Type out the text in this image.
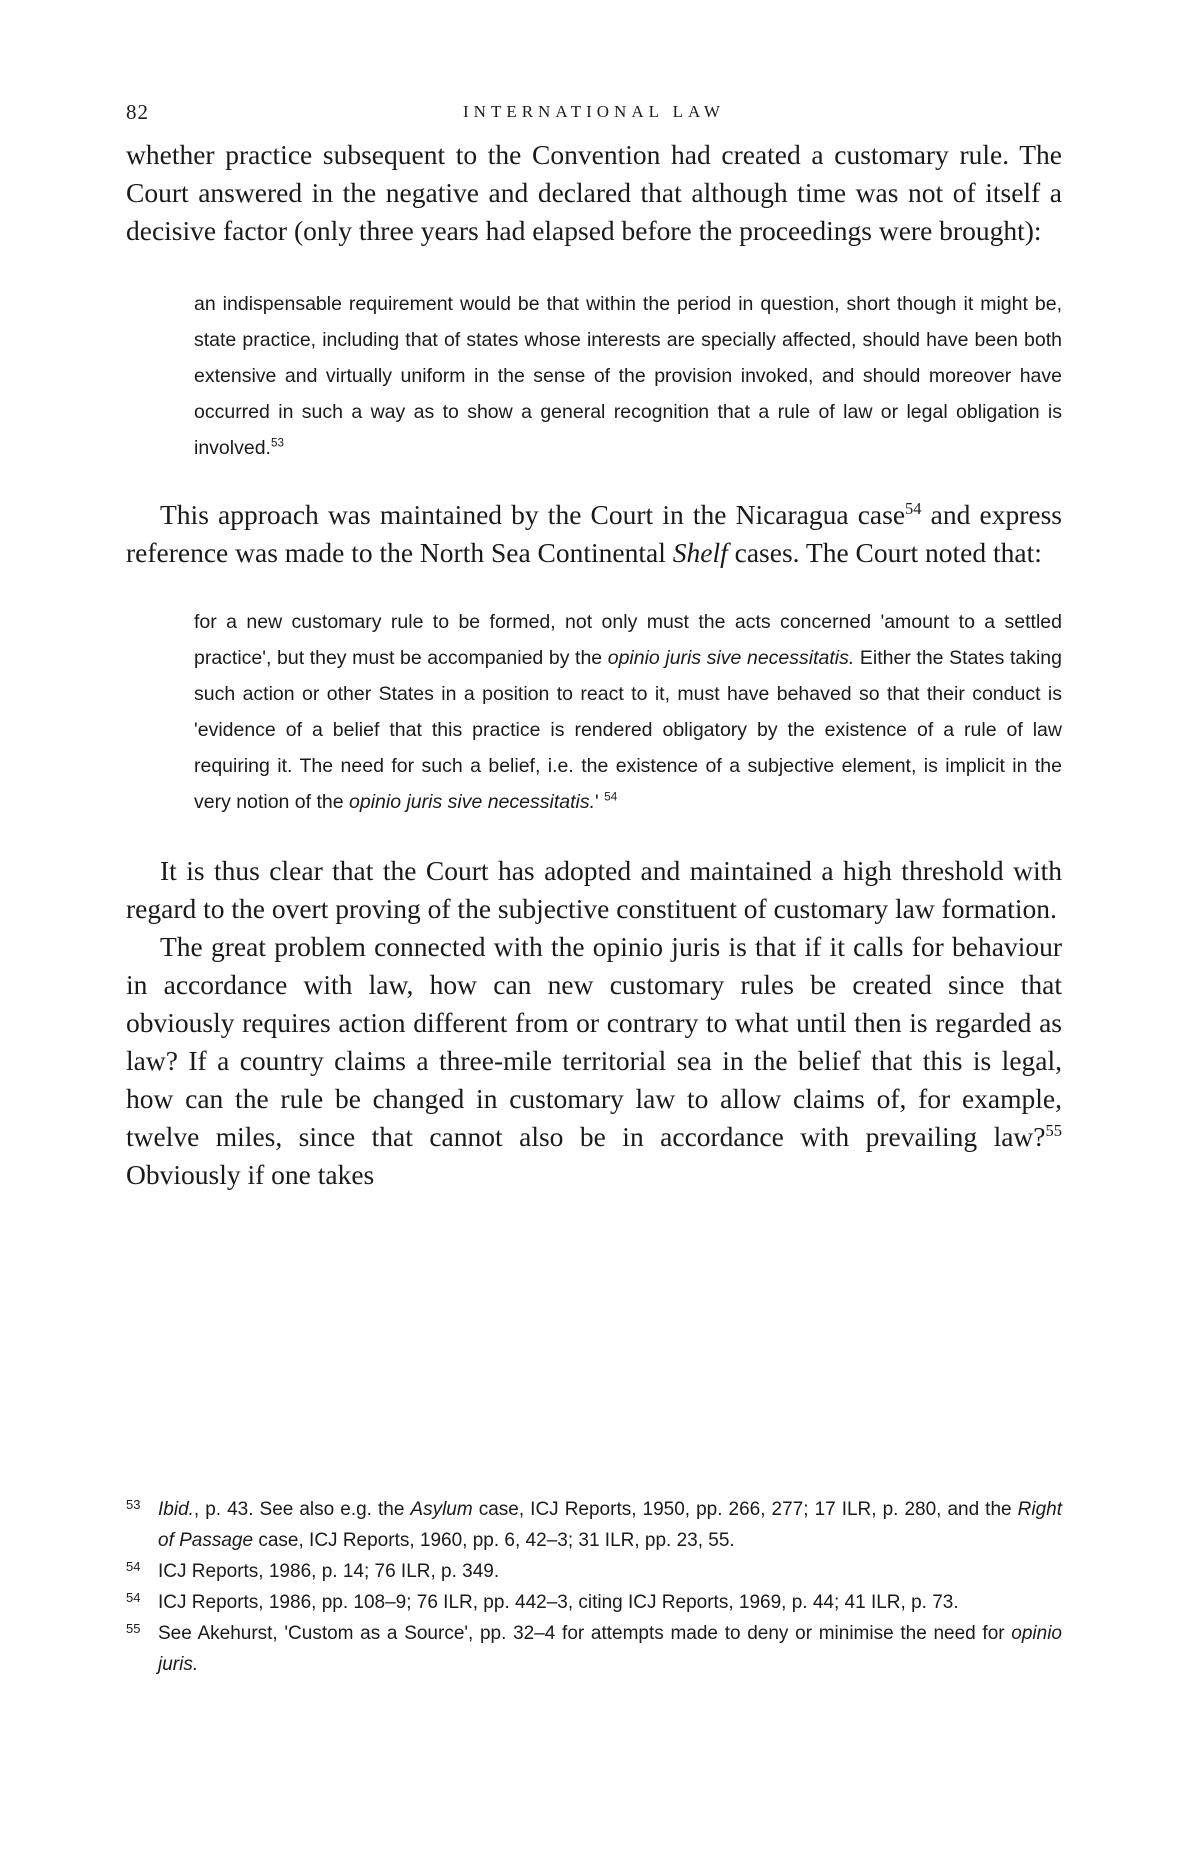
82	INTERNATIONAL LAW

whether practice subsequent to the Convention had created a customary rule. The Court answered in the negative and declared that although time was not of itself a decisive factor (only three years had elapsed before the proceedings were brought):

an indispensable requirement would be that within the period in question, short though it might be, state practice, including that of states whose interests are specially affected, should have been both extensive and virtually uniform in the sense of the provision invoked, and should moreover have occurred in such a way as to show a general recognition that a rule of law or legal obligation is involved.$^{53}$

This approach was maintained by the Court in the Nicaragua case$^{54}$ and express reference was made to the North Sea Continental Shelf cases. The Court noted that:

for a new customary rule to be formed, not only must the acts concerned 'amount to a settled practice', but they must be accompanied by the opinio juris sive necessitatis. Either the States taking such action or other States in a position to react to it, must have behaved so that their conduct is 'evidence of a belief that this practice is rendered obligatory by the existence of a rule of law requiring it. The need for such a belief, i.e. the existence of a subjective element, is implicit in the very notion of the opinio juris sive necessitatis.' $^{54}$

It is thus clear that the Court has adopted and maintained a high threshold with regard to the overt proving of the subjective constituent of customary law formation.

The great problem connected with the opinio juris is that if it calls for behaviour in accordance with law, how can new customary rules be created since that obviously requires action different from or contrary to what until then is regarded as law? If a country claims a three-mile territorial sea in the belief that this is legal, how can the rule be changed in customary law to allow claims of, for example, twelve miles, since that cannot also be in accordance with prevailing law?$^{55}$ Obviously if one takes

53 Ibid., p. 43. See also e.g. the Asylum case, ICJ Reports, 1950, pp. 266, 277; 17 ILR, p. 280, and the Right of Passage case, ICJ Reports, 1960, pp. 6, 42–3; 31 ILR, pp. 23, 55.
54 ICJ Reports, 1986, p. 14; 76 ILR, p. 349.
54 ICJ Reports, 1986, pp. 108–9; 76 ILR, pp. 442–3, citing ICJ Reports, 1969, p. 44; 41 ILR, p. 73.
55 See Akehurst, 'Custom as a Source', pp. 32–4 for attempts made to deny or minimise the need for opinio juris.
